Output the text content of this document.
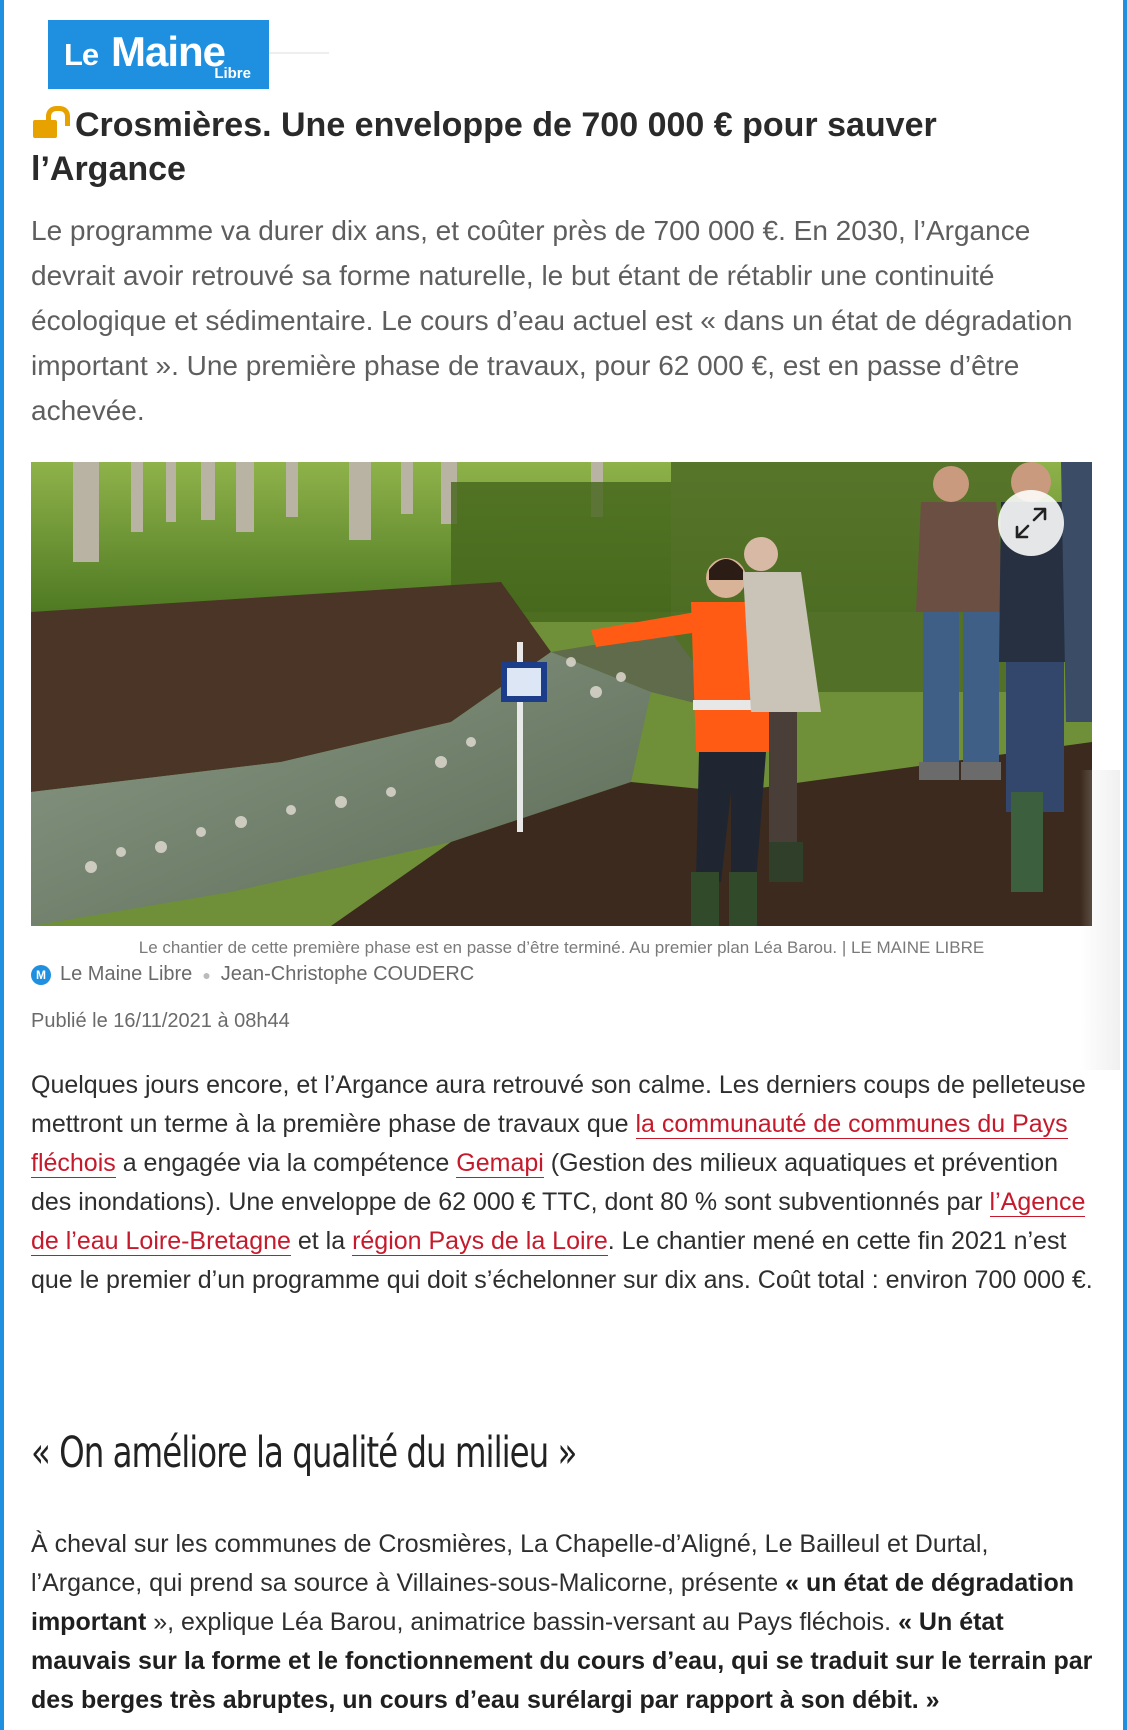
Le Maine
Libre
Crosmières. Une enveloppe de 700 000 € pour sauver l’Argance

Le programme va durer dix ans, et coûter près de 700 000 €. En 2030, l’Argance devrait avoir retrouvé sa forme naturelle, le but étant de rétablir une continuité écologique et sédimentaire. Le cours d’eau actuel est « dans un état de dégradation important ». Une première phase de travaux, pour 62 000 €, est en passe d’être achevée.

Le chantier de cette première phase est en passe d’être terminé. Au premier plan Léa Barou. | LE MAINE LIBRE
M Le Maine Libre ● Jean-Christophe COUDERC
Publié le 16/11/2021 à 08h44

Quelques jours encore, et l’Argance aura retrouvé son calme. Les derniers coups de pelleteuse mettront un terme à la première phase de travaux que la communauté de communes du Pays fléchois a engagée via la compétence Gemapi (Gestion des milieux aquatiques et prévention des inondations). Une enveloppe de 62 000 € TTC, dont 80 % sont subventionnés par l’Agence de l’eau Loire-Bretagne et la région Pays de la Loire. Le chantier mené en cette fin 2021 n’est que le premier d’un programme qui doit s’échelonner sur dix ans. Coût total : environ 700 000 €.

« On améliore la qualité du milieu »

À cheval sur les communes de Crosmières, La Chapelle-d’Aligné, Le Bailleul et Durtal, l’Argance, qui prend sa source à Villaines-sous-Malicorne, présente « un état de dégradation important », explique Léa Barou, animatrice bassin-versant au Pays fléchois. « Un état mauvais sur la forme et le fonctionnement du cours d’eau, qui se traduit sur le terrain par des berges très abruptes, un cours d’eau surélargi par rapport à son débit. »
